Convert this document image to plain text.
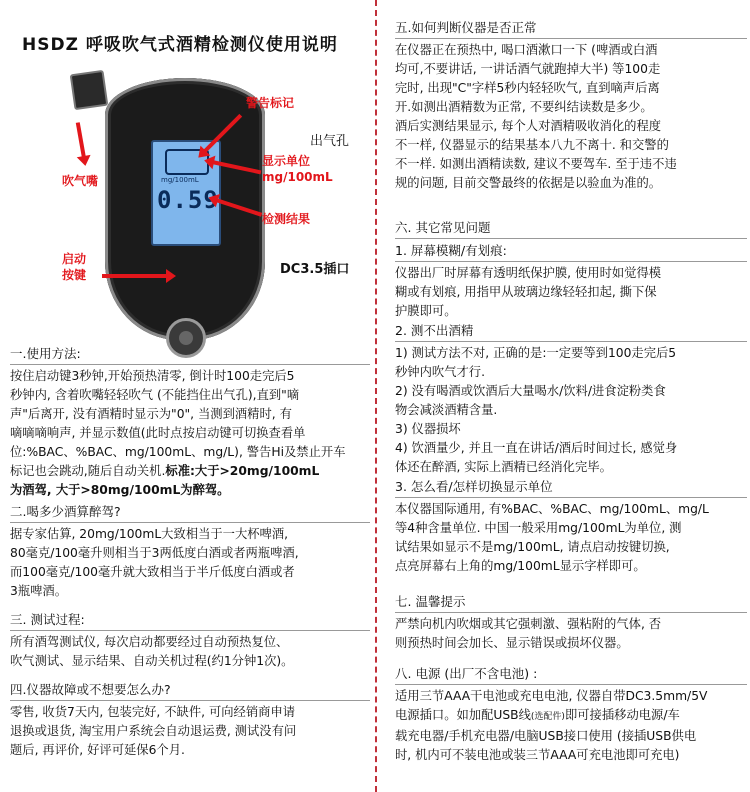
HSDZ 呼吸吹气式酒精检测仪使用说明
mg/100mL
0.59
警告标记
出气孔
吹气嘴
显示单位
mg/100mL
检测结果
启动
按键	DC3.5插口
一.使用方法:

按住启动键3秒钟,开始预热清零, 倒计时100走完后5

秒钟内, 含着吹嘴轻轻吹气 (不能挡住出气孔),直到"嘀

声"后离开, 没有酒精时显示为"0", 当测到酒精时, 有

嘀嘀嘀响声, 并显示数值(此时点按启动键可切换查看单

位:%BAC、%BAC、mg/100mL、mg/L), 警告Hi及禁止开车

标记也会跳动,随后自动关机.标准:大于>20mg/100mL

为酒驾, 大于>80mg/100mL为醉驾。

二.喝多少酒算醉驾?

据专家估算, 20mg/100mL大致相当于一大杯啤酒,

80毫克/100毫升则相当于3两低度白酒或者两瓶啤酒,

而100毫克/100毫升就大致相当于半斤低度白酒或者

3瓶啤酒。

三. 测试过程:

所有酒驾测试仪, 每次启动都要经过自动预热复位、

吹气测试、显示结果、自动关机过程(约1分钟1次)。

四.仪器故障或不想要怎么办?

零售, 收货7天内, 包装完好, 不缺件, 可向经销商申请

退换或退货, 淘宝用户系统会自动退运费, 测试没有问

题后, 再评价, 好评可延保6个月.

五.如何判断仪器是否正常

在仪器正在预热中, 喝口酒漱口一下 (啤酒或白酒

均可,不要讲话, 一讲话酒气就跑掉大半) 等100走

完时, 出现"C"字样5秒内轻轻吹气, 直到嘀声后离

开.如测出酒精数为正常, 不要纠结读数是多少。

酒后实测结果显示, 每个人对酒精吸收消化的程度

不一样, 仪器显示的结果基本八九不离十. 和交警的

不一样. 如测出酒精读数, 建议不要驾车. 至于违不违

规的问题, 目前交警最终的依据是以验血为准的。

六. 其它常见问题
1. 屏幕模糊/有划痕:

仪器出厂时屏幕有透明纸保护膜, 使用时如觉得模

糊或有划痕, 用指甲从玻璃边缘轻轻扣起, 撕下保

护膜即可。

2. 测不出酒精

1) 测试方法不对, 正确的是:一定要等到100走完后5

秒钟内吹气才行.

2) 没有喝酒或饮酒后大量喝水/饮料/进食淀粉类食

物会减淡酒精含量.

3) 仪器损坏

4) 饮酒量少, 并且一直在讲话/酒后时间过长, 感觉身

体还在醉酒, 实际上酒精已经消化完毕。

3. 怎么看/怎样切换显示单位

本仪器国际通用, 有%BAC、%BAC、mg/100mL、mg/L

等4种含量单位. 中国一般采用mg/100mL为单位, 测

试结果如显示不是mg/100mL, 请点启动按键切换,

点亮屏幕右上角的mg/100mL显示字样即可。

七. 温馨提示

严禁向机内吹烟或其它强刺激、强粘附的气体, 否

则预热时间会加长、显示错误或损坏仪器。

八. 电源 (出厂不含电池) :

适用三节AAA干电池或充电电池, 仪器自带DC3.5mm/5V

电源插口。如加配USB线(选配件)即可接插移动电源/车

载充电器/手机充电器/电脑USB接口使用 (接插USB供电

时, 机内可不装电池或装三节AAA可充电池即可充电)
